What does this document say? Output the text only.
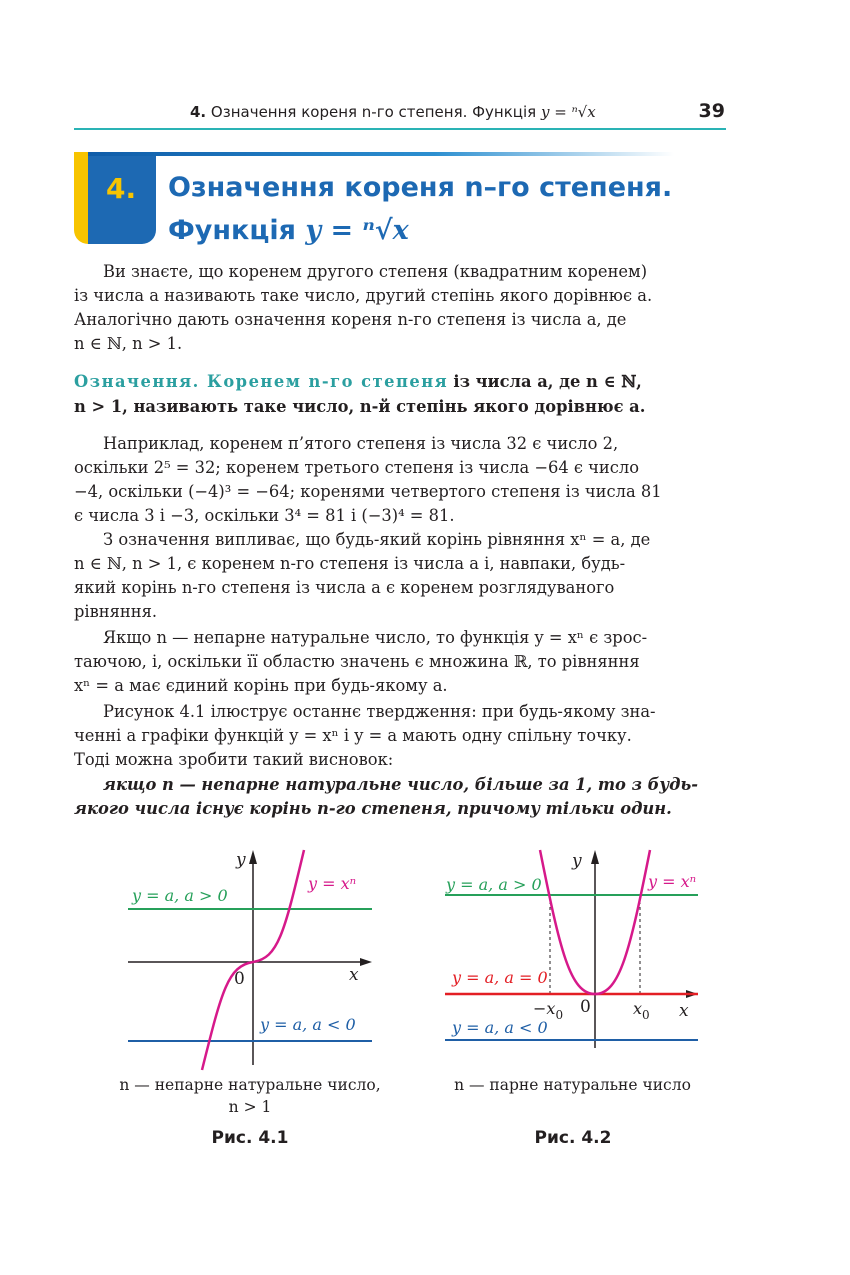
4. Означення кореня n-го степеня. Функція y = ⁿ√x	39
4. Означення кореня n–го степеня.
Функція y = ⁿ√x
Ви знаєте, що коренем другого степеня (квадратним коренем)
із числа a називають таке число, другий степінь якого дорівнює a.
Аналогічно дають означення кореня n-го степеня із числа a, де
n ∈ ℕ, n > 1.
Означення. Коренем n-го степеня із числа a, де n ∈ ℕ,
n > 1, називають таке число, n-й степінь якого дорівнює a.
Наприклад, коренем п’ятого степеня із числа 32 є число 2,
оскільки 2⁵ = 32; коренем третього степеня із числа −64 є число
−4, оскільки (−4)³ = −64; коренями четвертого степеня із числа 81
є числа 3 і −3, оскільки 3⁴ = 81 і (−3)⁴ = 81.
З означення випливає, що будь-який корінь рівняння xⁿ = a, де
n ∈ ℕ, n > 1, є коренем n-го степеня із числа a і, навпаки, будь-
який корінь n-го степеня із числа a є коренем розглядуваного
рівняння.
Якщо n — непарне натуральне число, то функція y = xⁿ є зрос-
таючою, і, оскільки її областю значень є множина ℝ, то рівняння
xⁿ = a має єдиний корінь при будь-якому a.
Рисунок 4.1 ілюструє останнє твердження: при будь-якому зна-
ченні a графіки функцій y = xⁿ і y = a мають одну спільну точку.
Тоді можна зробити такий висновок:
якщо n — непарне натуральне число, більше за 1, то з будь-
якого числа існує корінь n-го степеня, причому тільки один.
y
x
0
y = xⁿ
y = a, a > 0
y = a, a < 0
n — непарне натуральне число,
n > 1
Рис. 4.1
y
x
0
y = xⁿ
y = a, a > 0
y = a, a = 0
y = a, a < 0
$-x_0$	$x_0$
n — парне натуральне число
Рис. 4.2
